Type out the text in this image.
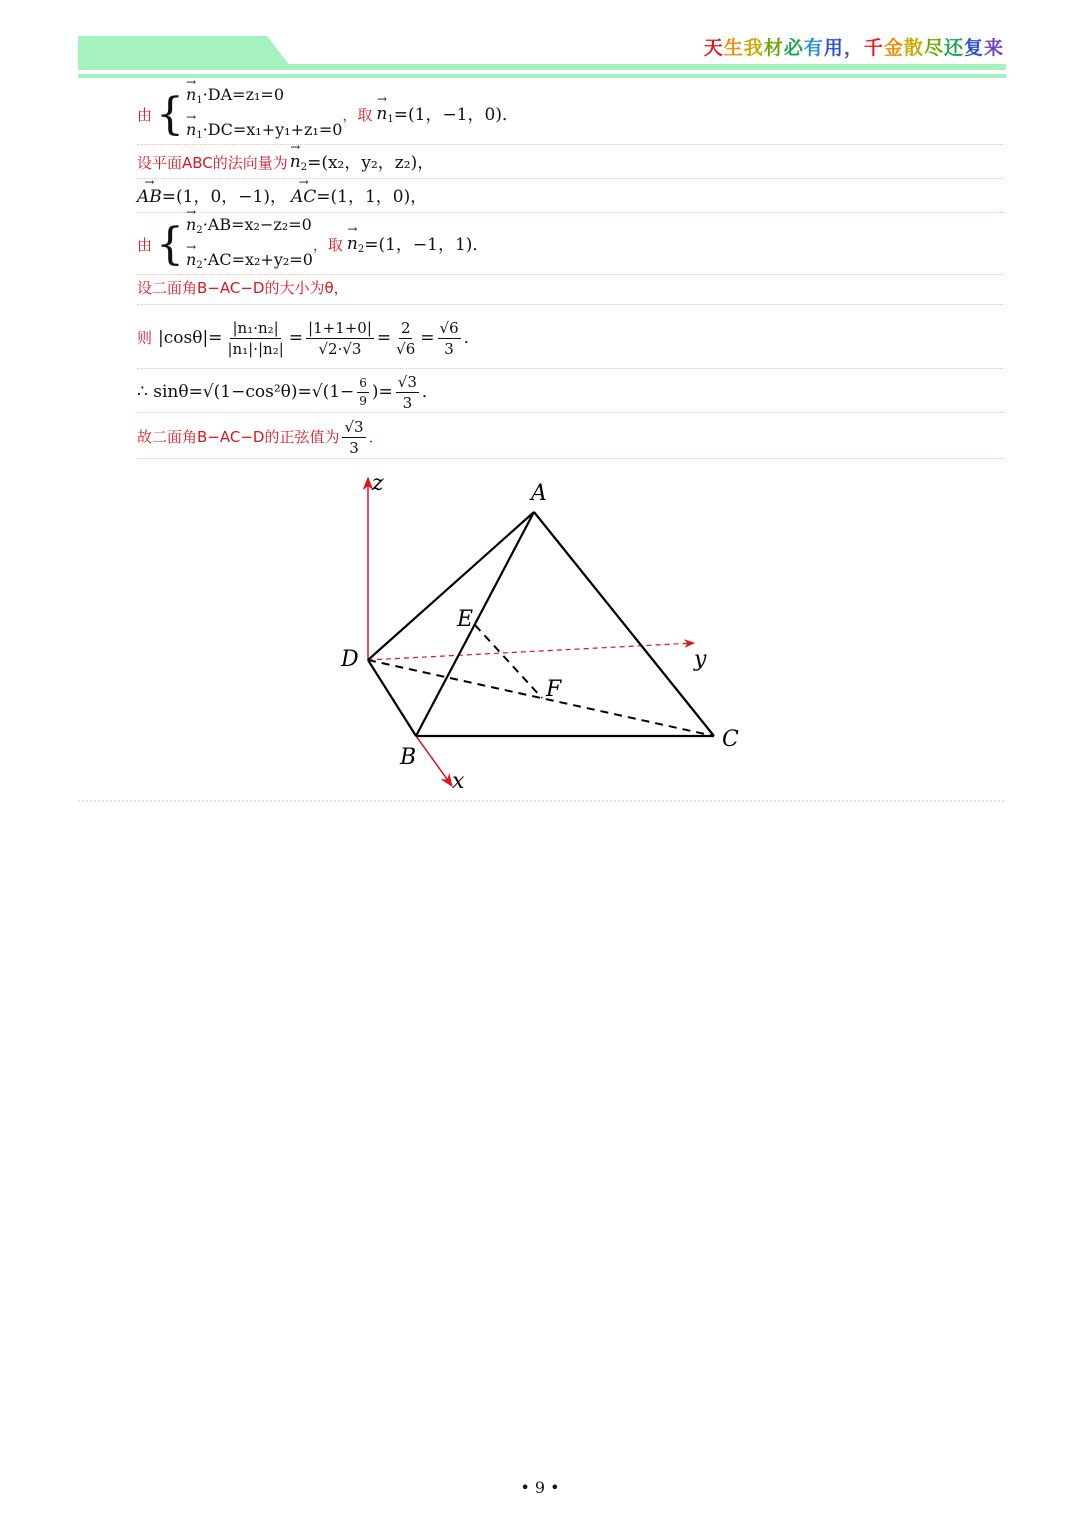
天生我材必有用，千金散尽还复来
由 { → $n_1\cdot DA=z_1=0$
→ $n_1\cdot DC=x_1+y_1+z_1=0$
，取 → $n_1 =(1$，−1，0)．
设平面ABC的法向量为 → $n_2 =(x_2$，y₂，z₂)，
→ AB =(1，0，−1)， → AC =(1，1，0)，
由 { → $n_2\cdot AB=x_2-z_2=0$
→ $n_2\cdot AC=x_2+y_2=0$
，取 → $n_2 =(1$，−1，1)．
设二面角B−AC−D的大小为θ，
则 $|\cos\theta|= \frac{\text{|n₁·n₂|}}{\text{|n₁|·|n₂|}} = \frac{|1+1+0|}{√2\cdot√3} = \frac{2}{√6} = \frac{√6}{3}$ ．
∴ $\sin\theta=√(1-\cos^2\theta)=√(1- \frac{6}{9}$ )= $\frac{√3}{3}$ ．
故二面角B−AC−D的正弦值为 $\frac{√3}{3}$ ．
A
B
C
D
E
F
x
y
z
• 9 •
